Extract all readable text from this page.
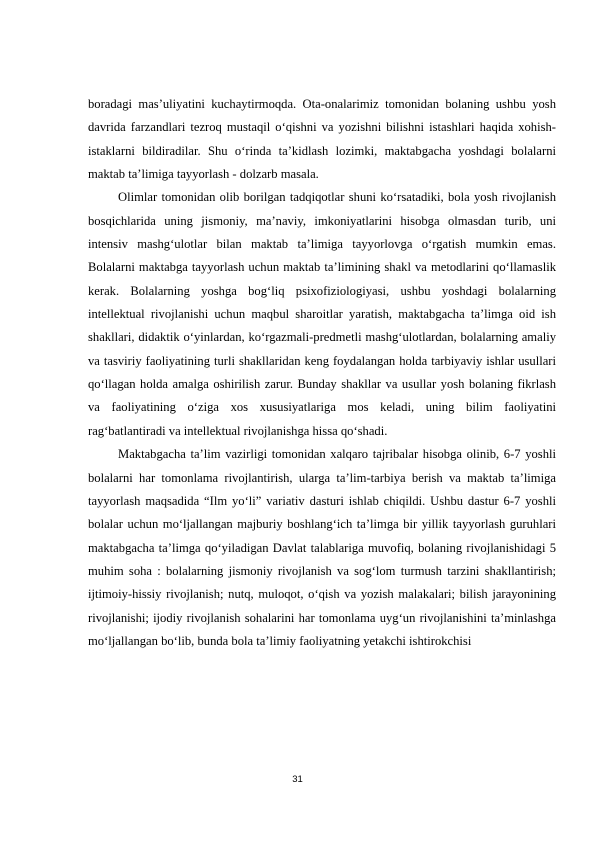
boradagi mas’uliyatini kuchaytirmoqda. Ota-onalarimiz tomonidan bolaning ushbu yosh davrida farzandlari tezroq mustaqil o‘qishni va yozishni bilishni istashlari haqida xohish-istaklarni bildiradilar. Shu o‘rinda ta’kidlash lozimki, maktabgacha yoshdagi bolalarni maktab ta’limiga tayyorlash - dolzarb masala.

Olimlar tomonidan olib borilgan tadqiqotlar shuni ko‘rsatadiki, bola yosh rivojlanish bosqichlarida uning jismoniy, ma’naviy, imkoniyatlarini hisobga olmasdan turib, uni intensiv mashg‘ulotlar bilan maktab ta’limiga tayyorlovga o‘rgatish mumkin emas. Bolalarni maktabga tayyorlash uchun maktab ta’limining shakl va metodlarini qo‘llamaslik kerak. Bolalarning yoshga bog‘liq psixofiziologiyasi, ushbu yoshdagi bolalarning intellektual rivojlanishi uchun maqbul sharoitlar yaratish, maktabgacha ta’limga oid ish shakllari, didaktik o‘yinlardan, ko‘rgazmali-predmetli mashg‘ulotlardan, bolalarning amaliy va tasviriy faoliyatining turli shakllaridan keng foydalangan holda tarbiyaviy ishlar usullari qo‘llagan holda amalga oshirilish zarur. Bunday shakllar va usullar yosh bolaning fikrlash va faoliyatining o‘ziga xos xususiyatlariga mos keladi, uning bilim faoliyatini rag‘batlantiradi va intellektual rivojlanishga hissa qo‘shadi.

Maktabgacha ta’lim vazirligi tomonidan xalqaro tajribalar hisobga olinib, 6-7 yoshli bolalarni har tomonlama rivojlantirish, ularga ta’lim-tarbiya berish va maktab ta’limiga tayyorlash maqsadida “Ilm yo‘li” variativ dasturi ishlab chiqildi. Ushbu dastur 6-7 yoshli bolalar uchun mo‘ljallangan majburiy boshlang‘ich ta’limga bir yillik tayyorlash guruhlari maktabgacha ta’limga qo‘yiladigan Davlat talablariga muvofiq, bolaning rivojlanishidagi 5 muhim soha : bolalarning jismoniy rivojlanish va sog‘lom turmush tarzini shakllantirish; ijtimoiy-hissiy rivojlanish; nutq, muloqot, o‘qish va yozish malakalari; bilish jarayonining rivojlanishi; ijodiy rivojlanish sohalarini har tomonlama uyg‘un rivojlanishini ta’minlashga mo‘ljallangan bo‘lib, bunda bola ta’limiy faoliyatning yetakchi ishtirokchisi

31
